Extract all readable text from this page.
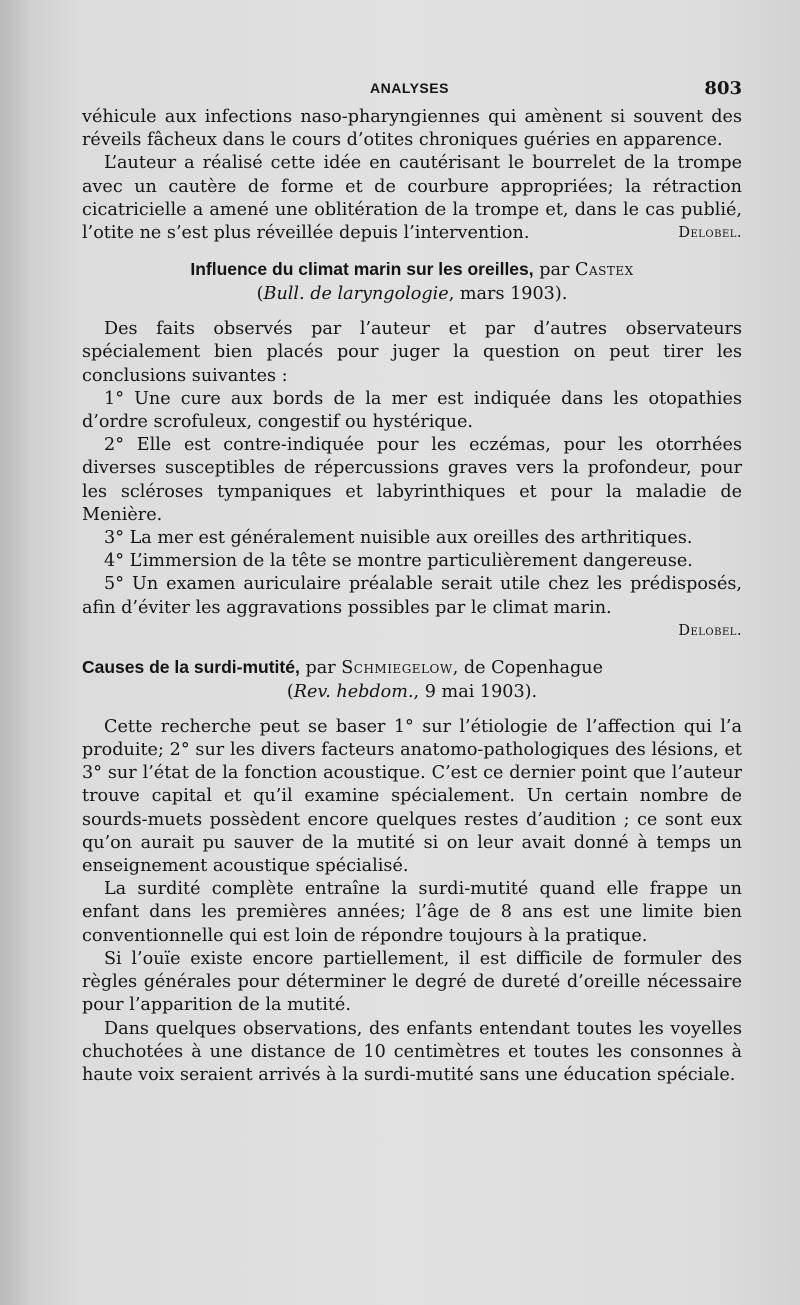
ANALYSES	803

véhicule aux infections naso-pharyngiennes qui amènent si souvent des réveils fâcheux dans le cours d’otites chroniques guéries en apparence.

L’auteur a réalisé cette idée en cautérisant le bourrelet de la trompe avec un cautère de forme et de courbure appropriées; la rétraction cicatricielle a amené une oblitération de la trompe et, dans le cas publié, l’otite ne s’est plus réveillée depuis l’intervention.	Delobel.

Influence du climat marin sur les oreilles, par Castex

(Bull. de laryngologie, mars 1903).

Des faits observés par l’auteur et par d’autres observateurs spécialement bien placés pour juger la question on peut tirer les conclusions suivantes :

1° Une cure aux bords de la mer est indiquée dans les otopathies d’ordre scrofuleux, congestif ou hystérique.

2° Elle est contre-indiquée pour les eczémas, pour les otorrhées diverses susceptibles de répercussions graves vers la profondeur, pour les scléroses tympaniques et labyrinthiques et pour la maladie de Menière.

3° La mer est généralement nuisible aux oreilles des arthritiques.

4° L’immersion de la tête se montre particulièrement dangereuse.

5° Un examen auriculaire préalable serait utile chez les prédisposés, afin d’éviter les aggravations possibles par le climat marin.

Delobel.

Causes de la surdi-mutité, par Schmiegelow, de Copenhague

(Rev. hebdom., 9 mai 1903).

Cette recherche peut se baser 1° sur l’étiologie de l’affection qui l’a produite; 2° sur les divers facteurs anatomo-pathologiques des lésions, et 3° sur l’état de la fonction acoustique. C’est ce dernier point que l’auteur trouve capital et qu’il examine spécialement. Un certain nombre de sourds-muets possèdent encore quelques restes d’audition ; ce sont eux qu’on aurait pu sauver de la mutité si on leur avait donné à temps un enseignement acoustique spécialisé.

La surdité complète entraîne la surdi-mutité quand elle frappe un enfant dans les premières années; l’âge de 8 ans est une limite bien conventionnelle qui est loin de répondre toujours à la pratique.

Si l’ouïe existe encore partiellement, il est difficile de formuler des règles générales pour déterminer le degré de dureté d’oreille nécessaire pour l’apparition de la mutité.

Dans quelques observations, des enfants entendant toutes les voyelles chuchotées à une distance de 10 centimètres et toutes les consonnes à haute voix seraient arrivés à la surdi-mutité sans une éducation spéciale.
